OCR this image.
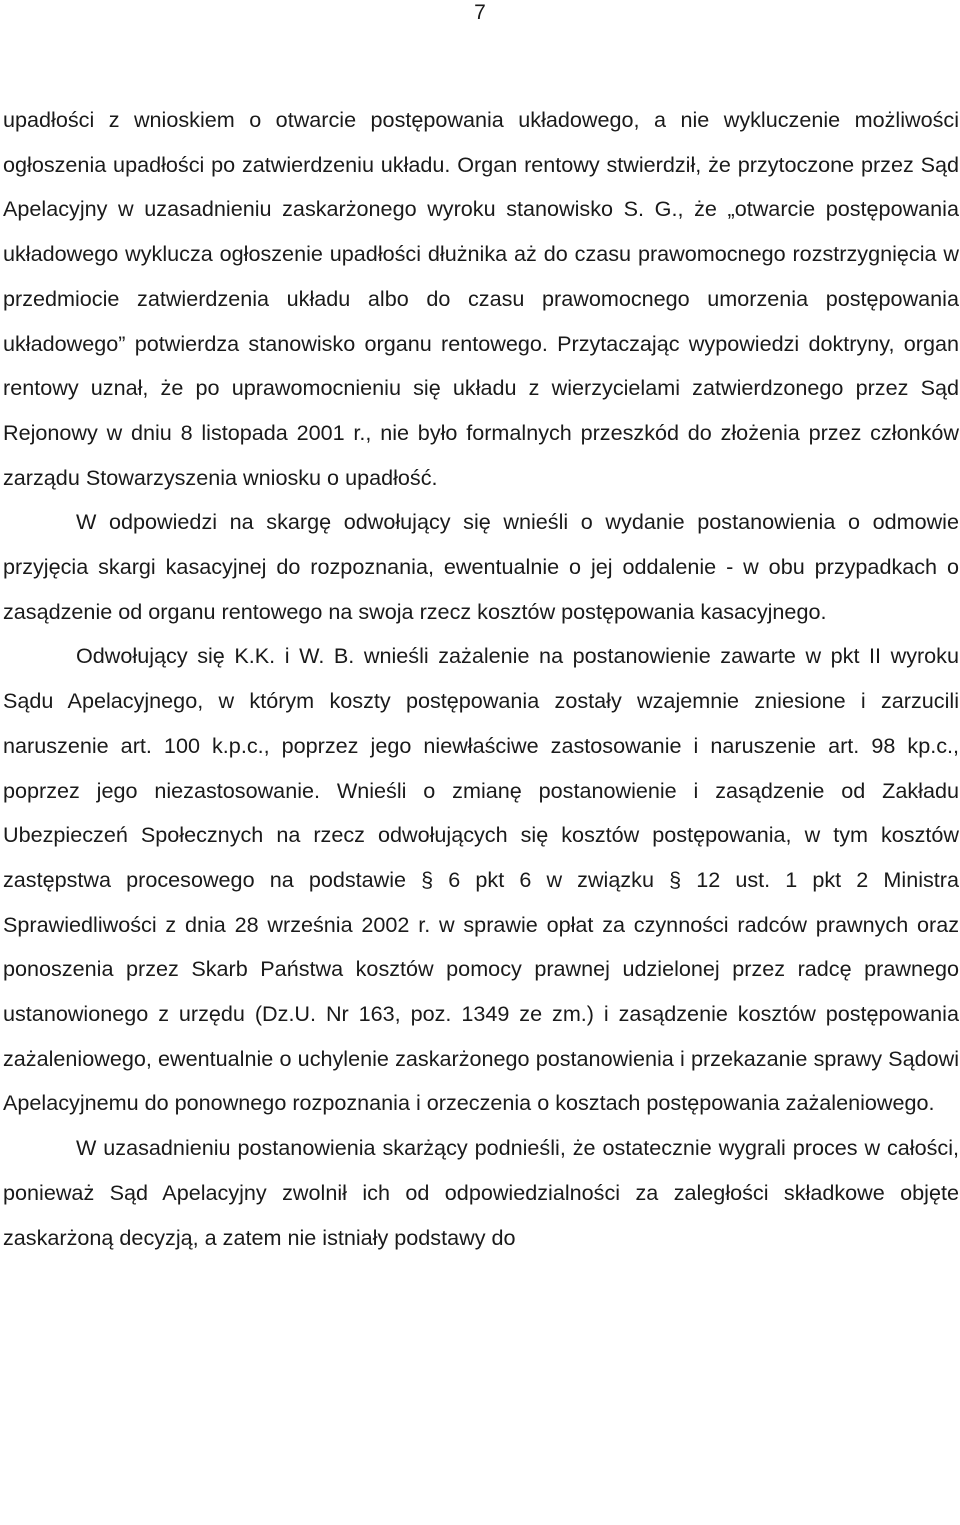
7

upadłości z wnioskiem o otwarcie postępowania układowego, a nie wykluczenie możliwości ogłoszenia upadłości po zatwierdzeniu układu. Organ rentowy stwierdził, że przytoczone przez Sąd Apelacyjny w uzasadnieniu zaskarżonego wyroku stanowisko S. G., że „otwarcie postępowania układowego wyklucza ogłoszenie upadłości dłużnika aż do czasu prawomocnego rozstrzygnięcia w przedmiocie zatwierdzenia układu albo do czasu prawomocnego umorzenia postępowania układowego” potwierdza stanowisko organu rentowego. Przytaczając wypowiedzi doktryny, organ rentowy uznał, że po uprawomocnieniu się układu z wierzycielami zatwierdzonego przez Sąd Rejonowy w dniu 8 listopada 2001 r., nie było formalnych przeszkód do złożenia przez członków zarządu Stowarzyszenia wniosku o upadłość.

W odpowiedzi na skargę odwołujący się wnieśli o wydanie postanowienia o odmowie przyjęcia skargi kasacyjnej do rozpoznania, ewentualnie o jej oddalenie - w obu przypadkach o zasądzenie od organu rentowego na swoja rzecz kosztów postępowania kasacyjnego.

Odwołujący się K.K. i W. B. wnieśli zażalenie na postanowienie zawarte w pkt II wyroku Sądu Apelacyjnego, w którym koszty postępowania zostały wzajemnie zniesione i zarzucili naruszenie art. 100 k.p.c., poprzez jego niewłaściwe zastosowanie i naruszenie art. 98 kp.c., poprzez jego niezastosowanie. Wnieśli o zmianę postanowienie i zasądzenie od Zakładu Ubezpieczeń Społecznych na rzecz odwołujących się kosztów postępowania, w tym kosztów zastępstwa procesowego na podstawie § 6 pkt 6 w związku § 12 ust. 1 pkt 2 Ministra Sprawiedliwości z dnia 28 września 2002 r. w sprawie opłat za czynności radców prawnych oraz ponoszenia przez Skarb Państwa kosztów pomocy prawnej udzielonej przez radcę prawnego ustanowionego z urzędu (Dz.U. Nr 163, poz. 1349 ze zm.) i zasądzenie kosztów postępowania zażaleniowego, ewentualnie o uchylenie zaskarżonego postanowienia i przekazanie sprawy Sądowi Apelacyjnemu do ponownego rozpoznania i orzeczenia o kosztach postępowania zażaleniowego.

W uzasadnieniu postanowienia skarżący podnieśli, że ostatecznie wygrali proces w całości, ponieważ Sąd Apelacyjny zwolnił ich od odpowiedzialności za zaległości składkowe objęte zaskarżoną decyzją, a zatem nie istniały podstawy do
